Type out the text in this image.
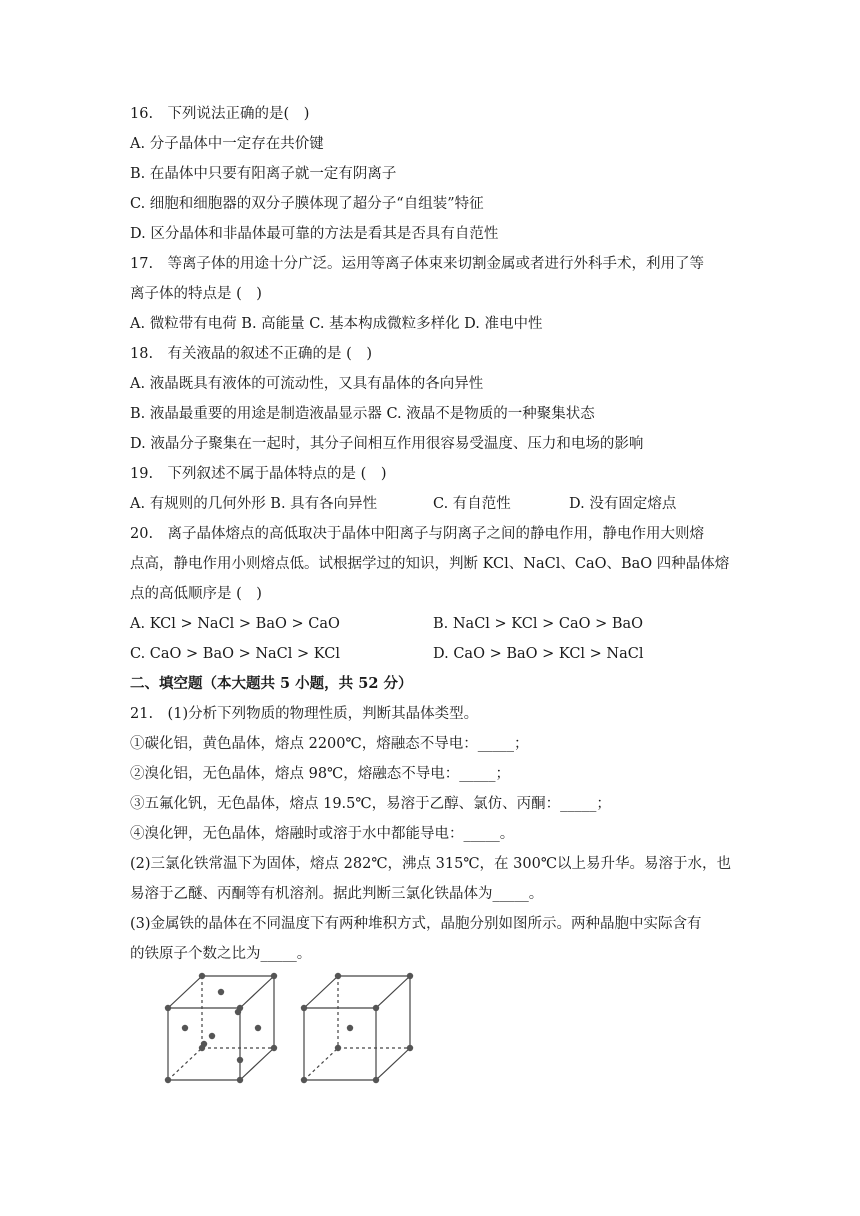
16. 下列说法正确的是( )
A. 分子晶体中一定存在共价键
B. 在晶体中只要有阳离子就一定有阴离子
C. 细胞和细胞器的双分子膜体现了超分子“自组装”特征
D. 区分晶体和非晶体最可靠的方法是看其是否具有自范性
17. 等离子体的用途十分广泛。运用等离子体束来切割金属或者进行外科手术，利用了等
离子体的特点是 ( )
A. 微粒带有电荷 B. 高能量 C. 基本构成微粒多样化 D. 准电中性
18. 有关液晶的叙述不正确的是 ( )
A. 液晶既具有液体的可流动性，又具有晶体的各向异性
B. 液晶最重要的用途是制造液晶显示器 C. 液晶不是物质的一种聚集状态
D. 液晶分子聚集在一起时，其分子间相互作用很容易受温度、压力和电场的影响
19. 下列叙述不属于晶体特点的是 ( )
A. 有规则的几何外形 B. 具有各向异性	C. 有自范性	D. 没有固定熔点
20. 离子晶体熔点的高低取决于晶体中阳离子与阴离子之间的静电作用，静电作用大则熔
点高，静电作用小则熔点低。试根据学过的知识，判断 KCl、NaCl、CaO、BaO 四种晶体熔
点的高低顺序是 ( )
A. KCl > NaCl > BaO > CaO	B. NaCl > KCl > CaO > BaO
C. CaO > BaO > NaCl > KCl	D. CaO > BaO > KCl > NaCl
二、填空题（本大题共 5 小题，共 52 分）
21. (1)分析下列物质的物理性质，判断其晶体类型。
①碳化铝，黄色晶体，熔点 2200℃，熔融态不导电：_____；
②溴化铝，无色晶体，熔点 98℃，熔融态不导电：_____；
③五氟化钒，无色晶体，熔点 19.5℃，易溶于乙醇、氯仿、丙酮：_____；
④溴化钾，无色晶体，熔融时或溶于水中都能导电：_____。
(2)三氯化铁常温下为固体，熔点 282℃，沸点 315℃，在 300℃以上易升华。易溶于水，也
易溶于乙醚、丙酮等有机溶剂。据此判断三氯化铁晶体为_____。
(3)金属铁的晶体在不同温度下有两种堆积方式，晶胞分别如图所示。两种晶胞中实际含有
的铁原子个数之比为_____。
